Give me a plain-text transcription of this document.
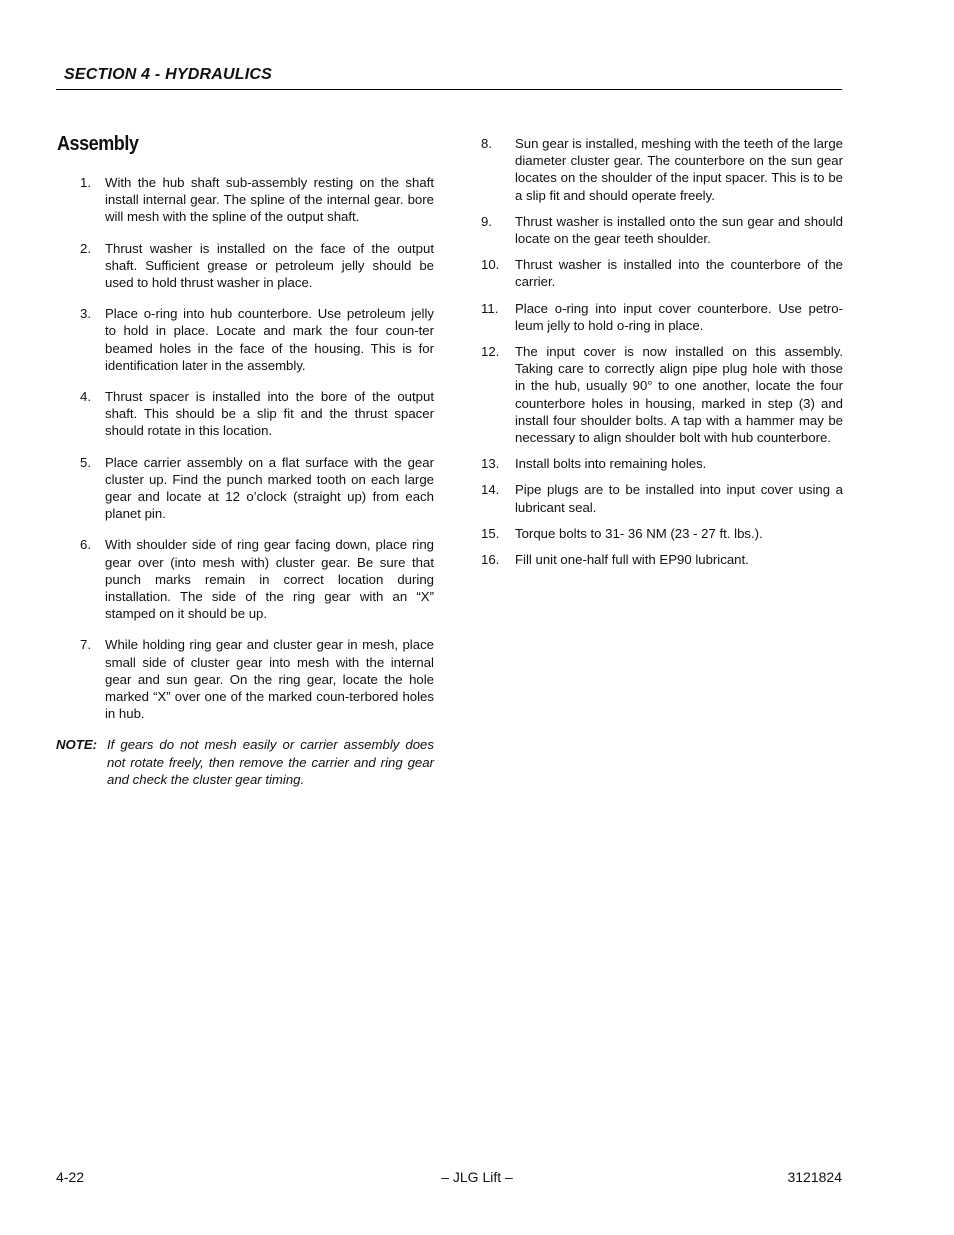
SECTION 4 - HYDRAULICS
Assembly
1.	With the hub shaft sub-assembly resting on the shaft install internal gear. The spline of the internal gear. bore will mesh with the spline of the output shaft.
2.	Thrust washer is installed on the face of the output shaft. Sufficient grease or petroleum jelly should be used to hold thrust washer in place.
3.	Place o-ring into hub counterbore. Use petroleum jelly to hold in place. Locate and mark the four coun-ter beamed holes in the face of the housing. This is for identification later in the assembly.
4.	Thrust spacer is installed into the bore of the output shaft. This should be a slip fit and the thrust spacer should rotate in this location.
5.	Place carrier assembly on a flat surface with the gear cluster up. Find the punch marked tooth on each large gear and locate at 12 o’clock (straight up) from each planet pin.
6.	With shoulder side of ring gear facing down, place ring gear over (into mesh with) cluster gear. Be sure that punch marks remain in correct location during installation. The side of the ring gear with an “X” stamped on it should be up.
7.	While holding ring gear and cluster gear in mesh, place small side of cluster gear into mesh with the internal gear and sun gear. On the ring gear, locate the hole marked “X” over one of the marked coun-terbored holes in hub.
NOTE: If gears do not mesh easily or carrier assembly does not rotate freely, then remove the carrier and ring gear and check the cluster gear timing.
8.	Sun gear is installed, meshing with the teeth of the large diameter cluster gear. The counterbore on the sun gear locates on the shoulder of the input spacer. This is to be a slip fit and should operate freely.
9.	Thrust washer is installed onto the sun gear and should locate on the gear teeth shoulder.
10.	Thrust washer is installed into the counterbore of the carrier.
11.	Place o-ring into input cover counterbore. Use petro-leum jelly to hold o-ring in place.
12.	The input cover is now installed on this assembly. Taking care to correctly align pipe plug hole with those in the hub, usually 90° to one another, locate the four counterbore holes in housing, marked in step (3) and install four shoulder bolts. A tap with a hammer may be necessary to align shoulder bolt with hub counterbore.
13.	Install bolts into remaining holes.
14.	Pipe plugs are to be installed into input cover using a lubricant seal.
15.	Torque bolts to 31- 36 NM (23 - 27 ft. lbs.).
16.	Fill unit one-half full with EP90 lubricant.
4-22	– JLG Lift –	3121824
